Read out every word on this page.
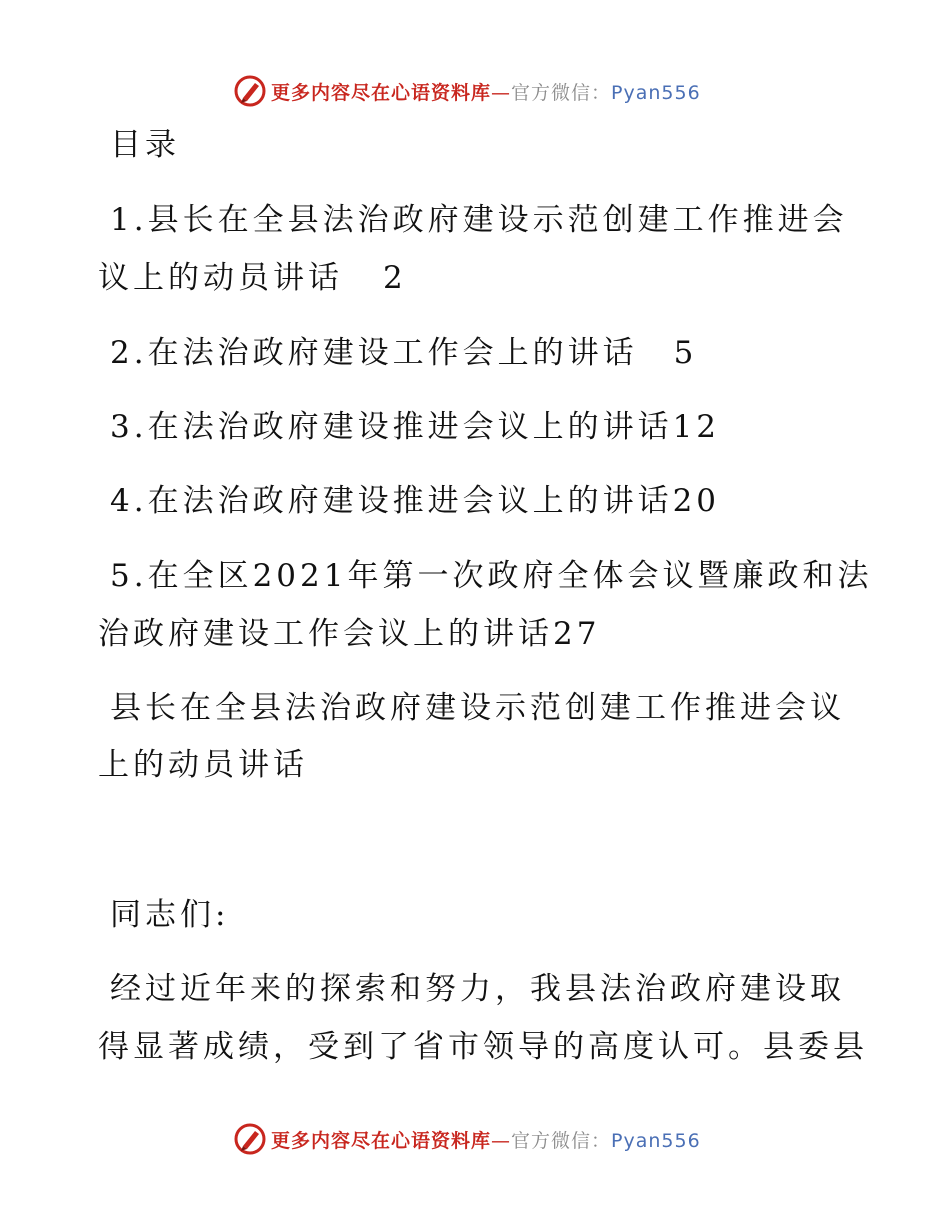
更多内容尽在心语资料库—官方微信：Pyan556
目录
1.县长在全县法治政府建设示范创建工作推进会
议上的动员讲话 2
2.在法治政府建设工作会上的讲话 5
3.在法治政府建设推进会议上的讲话12
4.在法治政府建设推进会议上的讲话20
5.在全区2021年第一次政府全体会议暨廉政和法
治政府建设工作会议上的讲话27
县长在全县法治政府建设示范创建工作推进会议
上的动员讲话
同志们:
经过近年来的探索和努力，我县法治政府建设取
得显著成绩，受到了省市领导的高度认可。县委县
更多内容尽在心语资料库—官方微信：Pyan556
